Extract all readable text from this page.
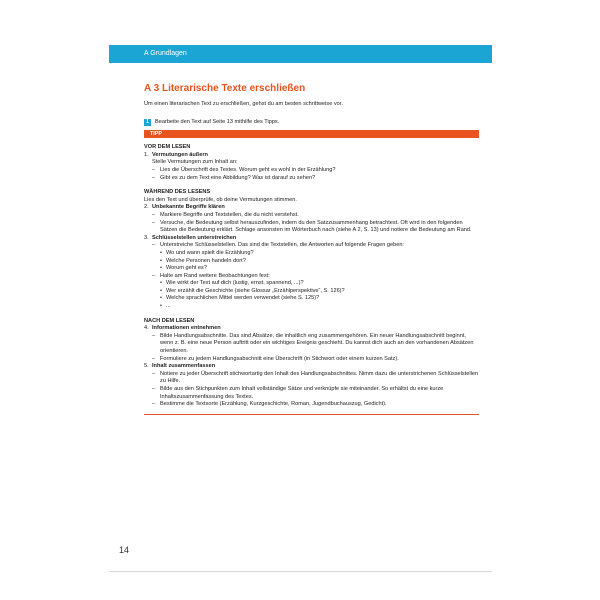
A Grundlagen
A 3 Literarische Texte erschließen

Um einen literarischen Text zu erschließen, gehst du am besten schrittweise vor.

1	Bearbeite den Text auf Seite 13 mithilfe des Tipps.
TIPP

VOR DEM LESEN

1. Vermutungen äußern

Stelle Vermutungen zum Inhalt an:

– Lies die Überschrift des Textes. Worum geht es wohl in der Erzählung?
– Gibt es zu dem Text eine Abbildung? Was ist darauf zu sehen?

WÄHREND DES LESENS

Lies den Text und überprüfe, ob deine Vermutungen stimmen.

2. Unbekannte Begriffe klären
– Markiere Begriffe und Textstellen, die du nicht verstehst.
– Versuche, die Bedeutung selbst herauszufinden, indem du den Satzzusammenhang betrachtest. Oft wird in den folgenden Sätzen die Bedeutung erklärt. Schlage ansonsten im Wörterbuch nach (siehe A 2, S. 13) und notiere die Bedeutung am Rand.
3. Schlüsselstellen unterstreichen
– Unterstreiche Schlüsselstellen. Das sind die Textstellen, die Antworten auf folgende Fragen geben:
• Wo und wann spielt die Erzählung?
• Welche Personen handeln dort?
• Worum geht es?
– Halte am Rand weitere Beobachtungen fest:
• Wie wirkt der Text auf dich (lustig, ernst, spannend, ...)?
• Wer erzählt die Geschichte (siehe Glossar „Erzählperspektive“, S. 126)?
• Welche sprachlichen Mittel werden verwendet (siehe S. 125)?
• ...

NACH DEM LESEN

4. Informationen entnehmen
– Bilde Handlungsabschnitte. Das sind Absätze, die inhaltlich eng zusammengehören. Ein neuer Handlungsabschnitt beginnt, wenn z. B. eine neue Person auftritt oder ein wichtiges Ereignis geschieht. Du kannst dich auch an den vorhandenen Absätzen orientieren.
– Formuliere zu jedem Handlungsabschnitt eine Überschrift (in Stichwort oder einem kurzen Satz).
5. Inhalt zusammenfassen
– Notiere zu jeder Überschrift stichwortartig den Inhalt des Handlungsabschnittes. Nimm dazu die unterstrichenen Schlüsselstellen zu Hilfe.
– Bilde aus den Stichpunkten zum Inhalt vollständige Sätze und verknüpfe sie miteinander. So erhältst du eine kurze Inhaltszusammenfassung des Textes.
– Bestimme die Textsorte (Erzählung, Kurzgeschichte, Roman, Jugendbuchauszug, Gedicht).
14
